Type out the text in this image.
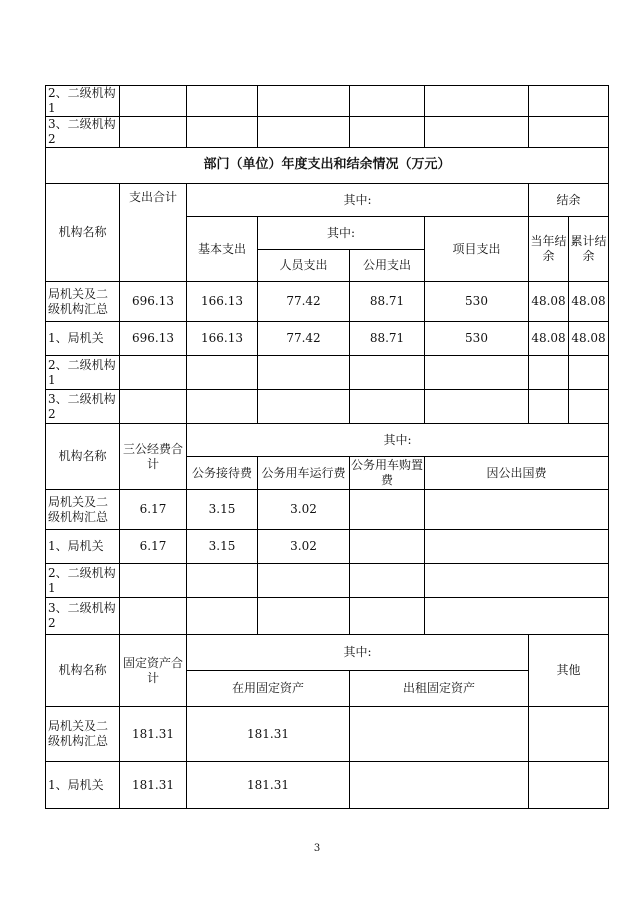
2、二级机构 1							
3、二级机构 2							
部门（单位）年度支出和结余情况（万元）							
机构名称	支出合计	其中:				结余	
		基本支出	其中:		项目支出	当年结余	累计结余
			人员支出	公用支出			
局机关及二级机构汇总	696.13	166.13	77.42	88.71	530	48.08	48.08
1、局机关	696.13	166.13	77.42	88.71	530	48.08	48.08
2、二级机构 1							
3、二级机构 2							
机构名称	三公经费合计	其中:					
		公务接待费	公务用车运行费	公务用车购置费	因公出国费		
局机关及二级机构汇总	6.17	3.15	3.02				
1、局机关	6.17	3.15	3.02				
2、二级机构 1							
3、二级机构 2							
机构名称	固定资产合计	其中:				其他	
		在用固定资产		出租固定资产			
局机关及二级机构汇总	181.31	181.31					
1、局机关	181.31	181.31					
3
